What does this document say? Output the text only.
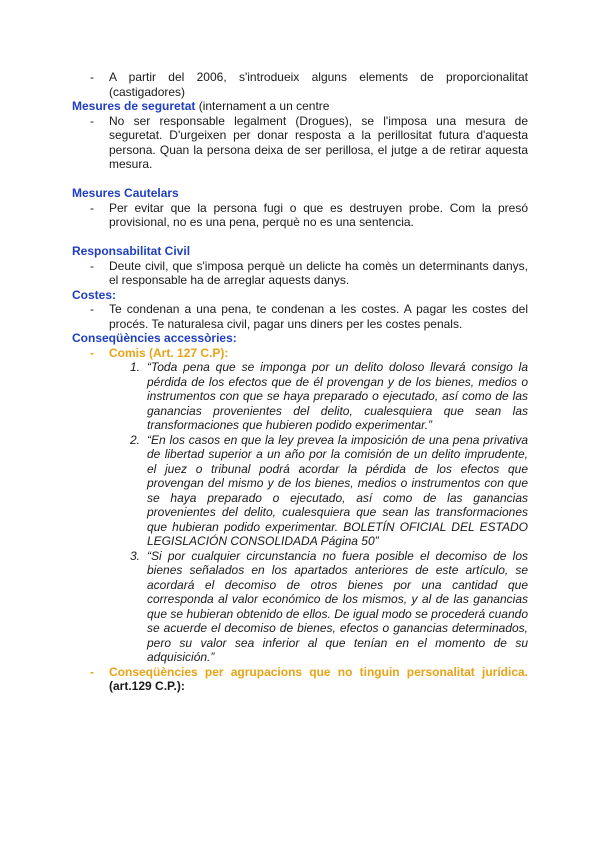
- A partir del 2006, s'introdueix alguns elements de proporcionalitat (castigadores)
Mesures de seguretat (internament a un centre
- No ser responsable legalment (Drogues), se l'imposa una mesura de seguretat. D'urgeixen per donar resposta a la perillositat futura d'aquesta persona. Quan la persona deixa de ser perillosa, el jutge a de retirar aquesta mesura.
Mesures Cautelars
- Per evitar que la persona fugi o que es destruyen probe. Com la presó provisional, no es una pena, perquè no es una sentencia.
Responsabilitat Civil
- Deute civil, que s'imposa perquè un delicte ha comès un determinants danys, el responsable ha de arreglar aquests danys.
Costes:
- Te condenan a una pena, te condenan a les costes. A pagar les costes del procés. Te naturalesa civil, pagar uns diners per les costes penals.
Conseqüències accessòries:
- Comis (Art. 127 C.P):
1. “Toda pena que se imponga por un delito doloso llevará consigo la pérdida de los efectos que de él provengan y de los bienes, medios o instrumentos con que se haya preparado o ejecutado, así como de las ganancias provenientes del delito, cualesquiera que sean las transformaciones que hubieren podido experimentar.”
2. “En los casos en que la ley prevea la imposición de una pena privativa de libertad superior a un año por la comisión de un delito imprudente, el juez o tribunal podrá acordar la pérdida de los efectos que provengan del mismo y de los bienes, medios o instrumentos con que se haya preparado o ejecutado, así como de las ganancias provenientes del delito, cualesquiera que sean las transformaciones que hubieran podido experimentar. BOLETÍN OFICIAL DEL ESTADO LEGISLACIÓN CONSOLIDADA Página 50”
3. “Si por cualquier circunstancia no fuera posible el decomiso de los bienes señalados en los apartados anteriores de este artículo, se acordará el decomiso de otros bienes por una cantidad que corresponda al valor económico de los mismos, y al de las ganancias que se hubieran obtenido de ellos. De igual modo se procederá cuando se acuerde el decomiso de bienes, efectos o ganancias determinados, pero su valor sea inferior al que tenían en el momento de su adquisición.”
- Conseqüències per agrupacions que no tinguin personalitat jurídica. (art.129 C.P.):
